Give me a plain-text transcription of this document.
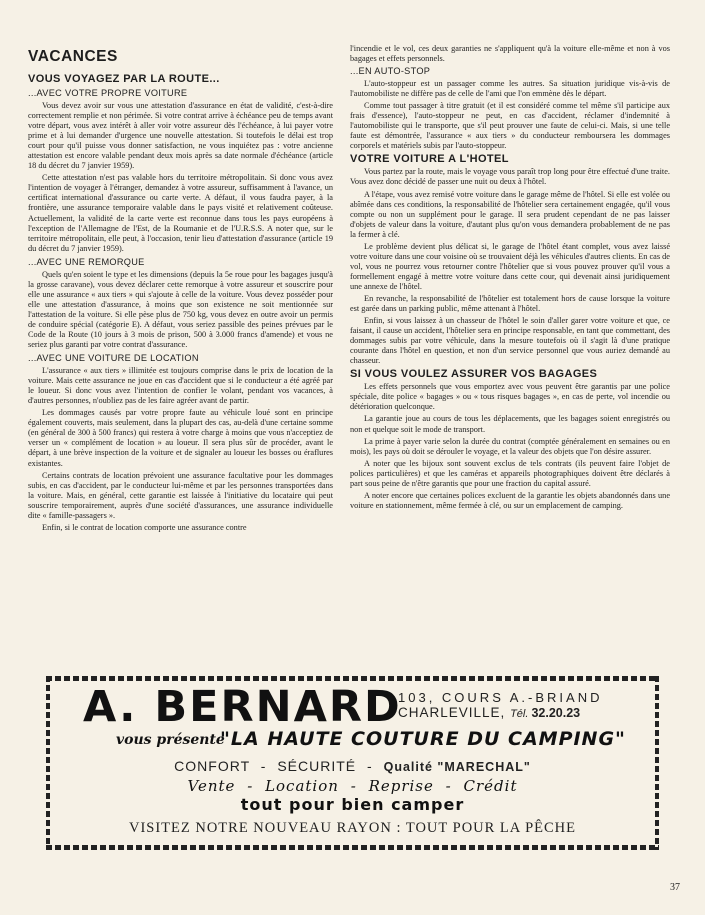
VACANCES
VOUS VOYAGEZ PAR LA ROUTE...
...AVEC VOTRE PROPRE VOITURE

Vous devez avoir sur vous une attestation d'assurance en état de validité, c'est-à-dire correctement remplie et non périmée. Si votre contrat arrive à échéance peu de temps avant votre départ, vous avez intérêt à aller voir votre assureur dès l'échéance, à lui payer votre prime et à lui demander d'urgence une nouvelle attestation. Si toutefois le délai est trop court pour qu'il puisse vous donner satisfaction, ne vous inquiétez pas : votre ancienne attestation est encore valable pendant deux mois après sa date normale d'échéance (article 18 du décret du 7 janvier 1959).

Cette attestation n'est pas valable hors du territoire métropolitain. Si donc vous avez l'intention de voyager à l'étranger, demandez à votre assureur, suffisamment à l'avance, un certificat international d'assurance ou carte verte. A défaut, il vous faudra payer, à la frontière, une assurance temporaire valable dans le pays visité et relativement coûteuse. Actuellement, la validité de la carte verte est reconnue dans tous les pays européens à l'exception de l'Allemagne de l'Est, de la Roumanie et de l'U.R.S.S. A noter que, sur le territoire métropolitain, elle peut, à l'occasion, tenir lieu d'attestation d'assurance (article 19 du décret du 7 janvier 1959).

...AVEC UNE REMORQUE

Quels qu'en soient le type et les dimensions (depuis la 5e roue pour les bagages jusqu'à la grosse caravane), vous devez déclarer cette remorque à votre assureur et souscrire pour elle une assurance « aux tiers » qui s'ajoute à celle de la voiture. Vous devez posséder pour elle une attestation d'assurance, à moins que son existence ne soit mentionnée sur l'attestation de la voiture. Si elle pèse plus de 750 kg, vous devez en outre avoir un permis de conduire spécial (catégorie E). A défaut, vous seriez passible des peines prévues par le Code de la Route (10 jours à 3 mois de prison, 500 à 3.000 francs d'amende) et vous ne seriez plus garanti par votre contrat d'assurance.

...AVEC UNE VOITURE DE LOCATION

L'assurance « aux tiers » illimitée est toujours comprise dans le prix de location de la voiture. Mais cette assurance ne joue en cas d'accident que si le conducteur a été agréé par le loueur. Si donc vous avez l'intention de confier le volant, pendant vos vacances, à d'autres personnes, n'oubliez pas de les faire agréer avant de partir.

Les dommages causés par votre propre faute au véhicule loué sont en principe également couverts, mais seulement, dans la plupart des cas, au-delà d'une certaine somme (en général de 300 à 500 francs) qui restera à votre charge à moins que vous n'acceptiez de verser un « complément de location » au loueur. Il sera plus sûr de procéder, avant le départ, à une brève inspection de la voiture et de signaler au loueur les bosses ou éraflures existantes.

Certains contrats de location prévoient une assurance facultative pour les dommages subis, en cas d'accident, par le conducteur lui-même et par les personnes transportées dans la voiture. Mais, en général, cette garantie est laissée à l'initiative du locataire qui peut souscrire temporairement, auprès d'une société d'assurances, une assurance individuelle dite « famille-passagers ».

Enfin, si le contrat de location comporte une assurance contre

l'incendie et le vol, ces deux garanties ne s'appliquent qu'à la voiture elle-même et non à vos bagages et effets personnels.

...EN AUTO-STOP

L'auto-stoppeur est un passager comme les autres. Sa situation juridique vis-à-vis de l'automobiliste ne diffère pas de celle de l'ami que l'on emmène dès le départ.

Comme tout passager à titre gratuit (et il est considéré comme tel même s'il participe aux frais d'essence), l'auto-stoppeur ne peut, en cas d'accident, réclamer d'indemnité à l'automobiliste qui le transporte, que s'il peut prouver une faute de celui-ci. Mais, si une telle faute est démontrée, l'assurance « aux tiers » du conducteur remboursera les dommages corporels et matériels subis par l'auto-stoppeur.

VOTRE VOITURE A L'HOTEL

Vous partez par la route, mais le voyage vous paraît trop long pour être effectué d'une traite. Vous avez donc décidé de passer une nuit ou deux à l'hôtel.

A l'étape, vous avez remisé votre voiture dans le garage même de l'hôtel. Si elle est volée ou abîmée dans ces conditions, la responsabilité de l'hôtelier sera certainement engagée, qu'il vous compte ou non un supplément pour le garage. Il sera prudent cependant de ne pas laisser d'objets de valeur dans la voiture, d'autant plus qu'on vous demandera probablement de ne pas la fermer à clé.

Le problème devient plus délicat si, le garage de l'hôtel étant complet, vous avez laissé votre voiture dans une cour voisine où se trouvaient déjà les véhicules d'autres clients. En cas de vol, vous ne pourrez vous retourner contre l'hôtelier que si vous pouvez prouver qu'il vous a formellement engagé à mettre votre voiture dans cette cour, qui devenait ainsi juridiquement une annexe de l'hôtel.

En revanche, la responsabilité de l'hôtelier est totalement hors de cause lorsque la voiture est garée dans un parking public, même attenant à l'hôtel.

Enfin, si vous laissez à un chasseur de l'hôtel le soin d'aller garer votre voiture et que, ce faisant, il cause un accident, l'hôtelier sera en principe responsable, en tant que commettant, des dommages subis par votre véhicule, dans la mesure toutefois où il s'agit là d'une pratique courante dans l'hôtel en question, et non d'un service personnel que vous auriez demandé au chasseur.

SI VOUS VOULEZ ASSURER VOS BAGAGES

Les effets personnels que vous emportez avec vous peuvent être garantis par une police spéciale, dite police « bagages » ou « tous risques bagages », en cas de perte, vol incendie ou détérioration quelconque.

La garantie joue au cours de tous les déplacements, que les bagages soient enregistrés ou non et quelque soit le mode de transport.

La prime à payer varie selon la durée du contrat (comptée généralement en semaines ou en mois), les pays où doit se dérouler le voyage, et la valeur des objets que l'on désire assurer.

A noter que les bijoux sont souvent exclus de tels contrats (ils peuvent faire l'objet de polices particulières) et que les caméras et appareils photographiques doivent être déclarés à part sous peine de n'être garantis que pour une fraction du capital assuré.

A noter encore que certaines polices excluent de la garantie les objets abandonnés dans une voiture en stationnement, même fermée à clé, ou sur un emplacement de camping.

A. BERNARD
103, COURS A.-BRIAND
CHARLEVILLE, Tél. 32.20.23
vous présente
"LA HAUTE COUTURE DU CAMPING"
CONFORT - SÉCURITÉ - Qualité "MARECHAL"
Vente - Location - Reprise - Crédit
tout pour bien camper
VISITEZ NOTRE NOUVEAU RAYON : TOUT POUR LA PÊCHE
37
